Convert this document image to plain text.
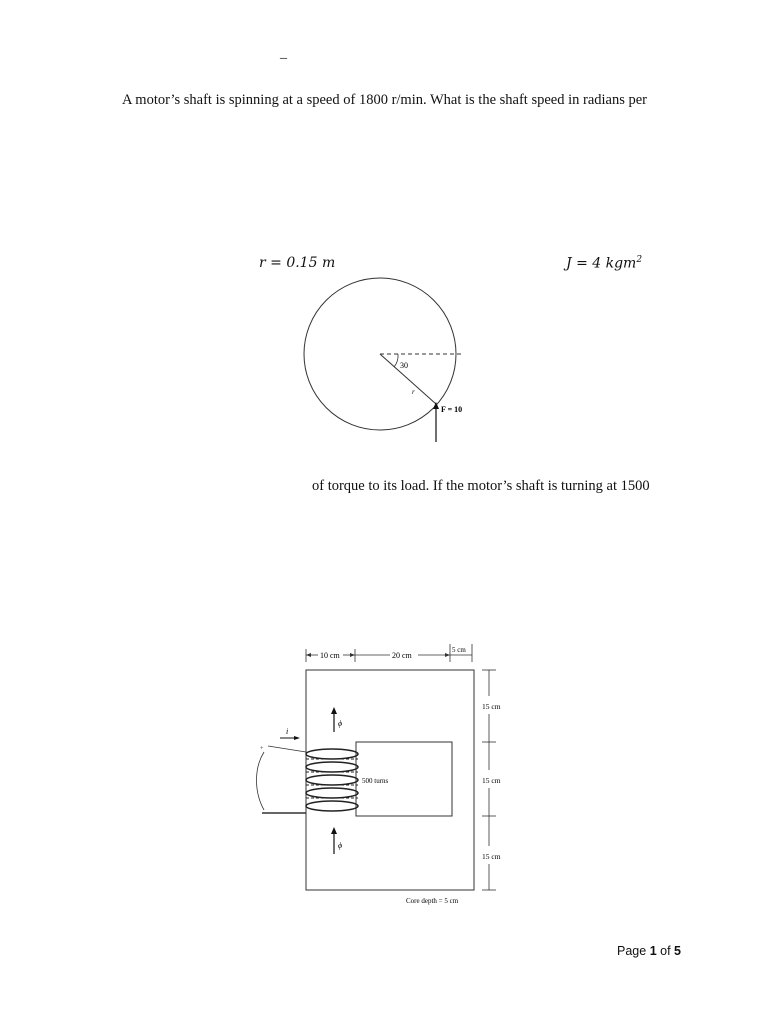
_
A motor’s shaft is spinning at a speed of 1800 r/min. What is the shaft speed in radians per
r = 0.15 m	J = 4 kgm$^2$
30
r
F = 10
of torque to its load. If the motor’s shaft is turning at 1500
10 cm	20 cm
5 cm
15 cm
15 cm
15 cm
ϕ
ϕ
i
+
500 turns
Core depth = 5 cm
Page 1 of 5
